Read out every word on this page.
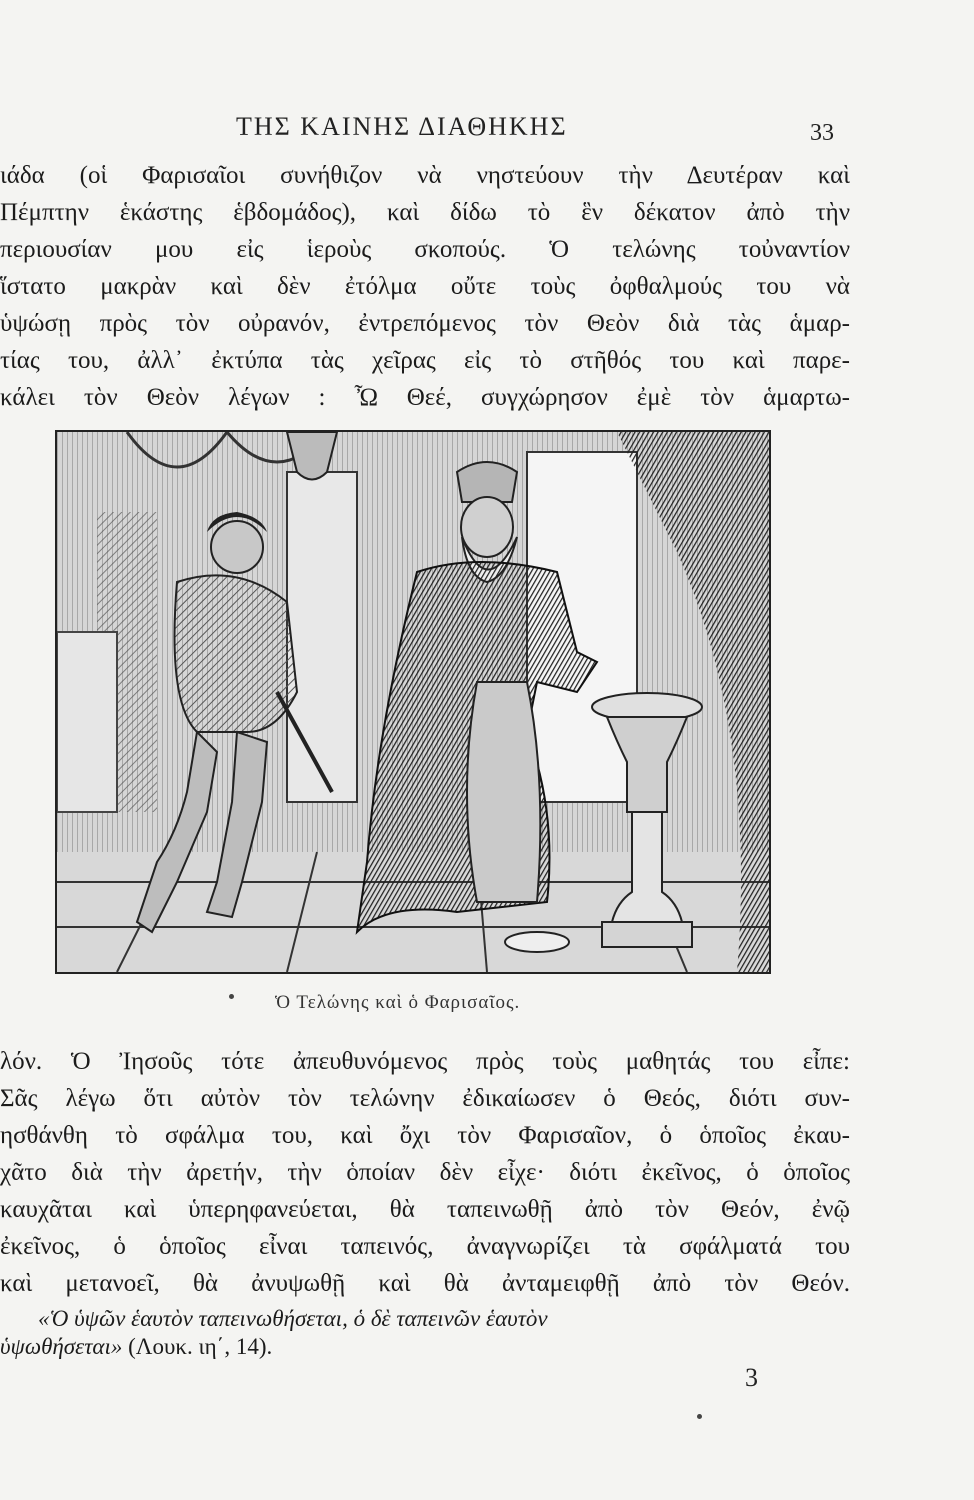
ΤΗΣ ΚΑΙΝΗΣ ΔΙΑΘΗΚΗΣ	33
ιάδα (οἱ Φαρισαῖοι συνήθιζον νὰ νηστεύουν τὴν Δευτέραν καὶ
Πέμπτην ἑκάστης ἑβδομάδος), καὶ δίδω τὸ ἓν δέκατον ἀπὸ τὴν
περιουσίαν μου εἰς ἱεροὺς σκοπούς. Ὁ τελώνης τοὐναντίον
ἵστατο μακρὰν καὶ δὲν ἐτόλμα οὔτε τοὺς ὀφθαλμούς του νὰ
ὑψώσῃ πρὸς τὸν οὐρανόν, ἐντρεπόμενος τὸν Θεὸν διὰ τὰς ἁμαρ-
τίας του, ἀλλ᾽ ἐκτύπα τὰς χεῖρας εἰς τὸ στῆθός του καὶ παρε-
κάλει τὸν Θεὸν λέγων : Ὦ Θεέ, συγχώρησον ἐμὲ τὸν ἁμαρτω-
Ὁ Τελώνης καὶ ὁ Φαρισαῖος.
λόν. Ὁ Ἰησοῦς τότε ἀπευθυνόμενος πρὸς τοὺς μαθητάς του εἶπε:
Σᾶς λέγω ὅτι αὐτὸν τὸν τελώνην ἐδικαίωσεν ὁ Θεός, διότι συν-
ησθάνθη τὸ σφάλμα του, καὶ ὄχι τὸν Φαρισαῖον, ὁ ὁποῖος ἐκαυ-
χᾶτο διὰ τὴν ἀρετήν, τὴν ὁποίαν δὲν εἶχε· διότι ἐκεῖνος, ὁ ὁποῖος
καυχᾶται καὶ ὑπερηφανεύεται, θὰ ταπεινωθῇ ἀπὸ τὸν Θεόν, ἐνῷ
ἐκεῖνος, ὁ ὁποῖος εἶναι ταπεινός, ἀναγνωρίζει τὰ σφάλματά του
καὶ μετανοεῖ, θὰ ἀνυψωθῇ καὶ θὰ ἀνταμειφθῇ ἀπὸ τὸν Θεόν.
«Ὁ ὑψῶν ἑαυτὸν ταπεινωθήσεται, ὁ δὲ ταπεινῶν ἑαυτὸν
ὑψωθήσεται» (Λουκ. ιη΄, 14).
3
